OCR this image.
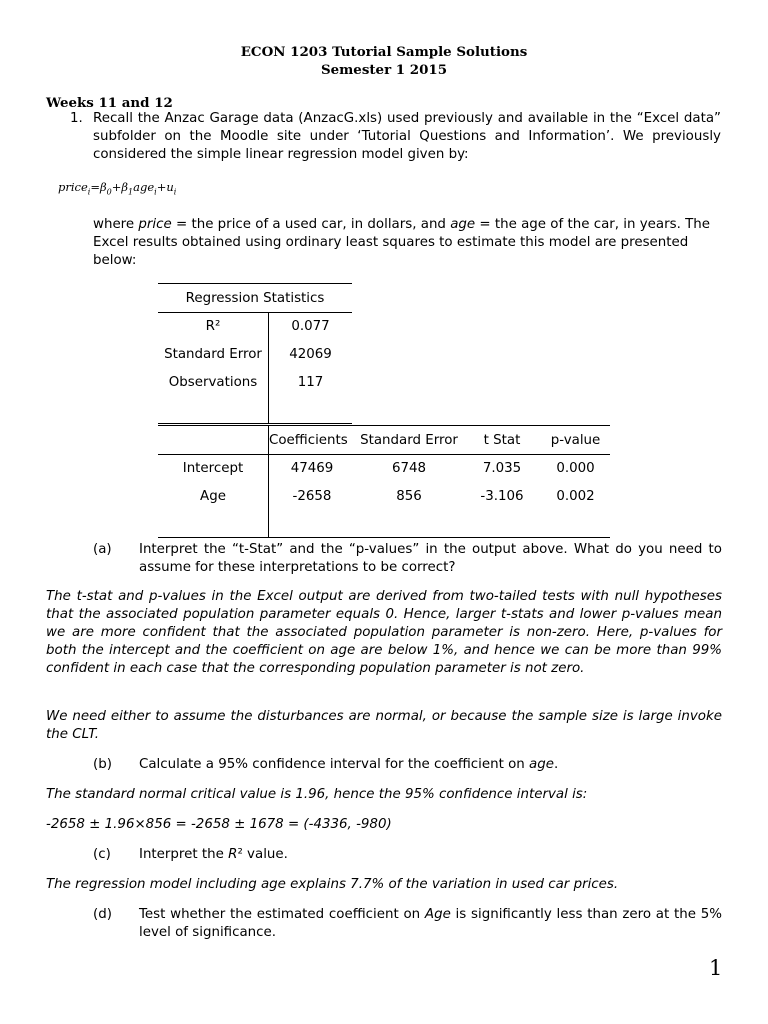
ECON 1203 Tutorial Sample Solutions
Semester 1 2015
Weeks 11 and 12
1. Recall the Anzac Garage data (AnzacG.xls) used previously and available in the “Excel data” subfolder on the Moodle site under ‘Tutorial Questions and Information’. We previously considered the simple linear regression model given by:
$price_i=\beta_0+\beta_1age_i+u_i$
where price = the price of a used car, in dollars, and age = the age of the car, in years. The Excel results obtained using ordinary least squares to estimate this model are presented below:
Regression Statistics	
R²	0.077
Standard Error	42069
Observations	117

	Coefficients	Standard Error	t Stat	p-value
Intercept	47469	6748	7.035	0.000
Age	-2658	856	-3.106	0.002

(a) Interpret the “t-Stat” and the “p-values” in the output above. What do you need to assume for these interpretations to be correct?
The t-stat and p-values in the Excel output are derived from two-tailed tests with null hypotheses that the associated population parameter equals 0. Hence, larger t-stats and lower p-values mean we are more confident that the associated population parameter is non-zero. Here, p-values for both the intercept and the coefficient on age are below 1%, and hence we can be more than 99% confident in each case that the corresponding population parameter is not zero.
We need either to assume the disturbances are normal, or because the sample size is large invoke the CLT.
(b) Calculate a 95% confidence interval for the coefficient on age.
The standard normal critical value is 1.96, hence the 95% confidence interval is:
-2658 ± 1.96×856 = -2658 ± 1678 = (-4336, -980)
(c) Interpret the R² value.
The regression model including age explains 7.7% of the variation in used car prices.
(d) Test whether the estimated coefficient on Age is significantly less than zero at the 5% level of significance.
1
